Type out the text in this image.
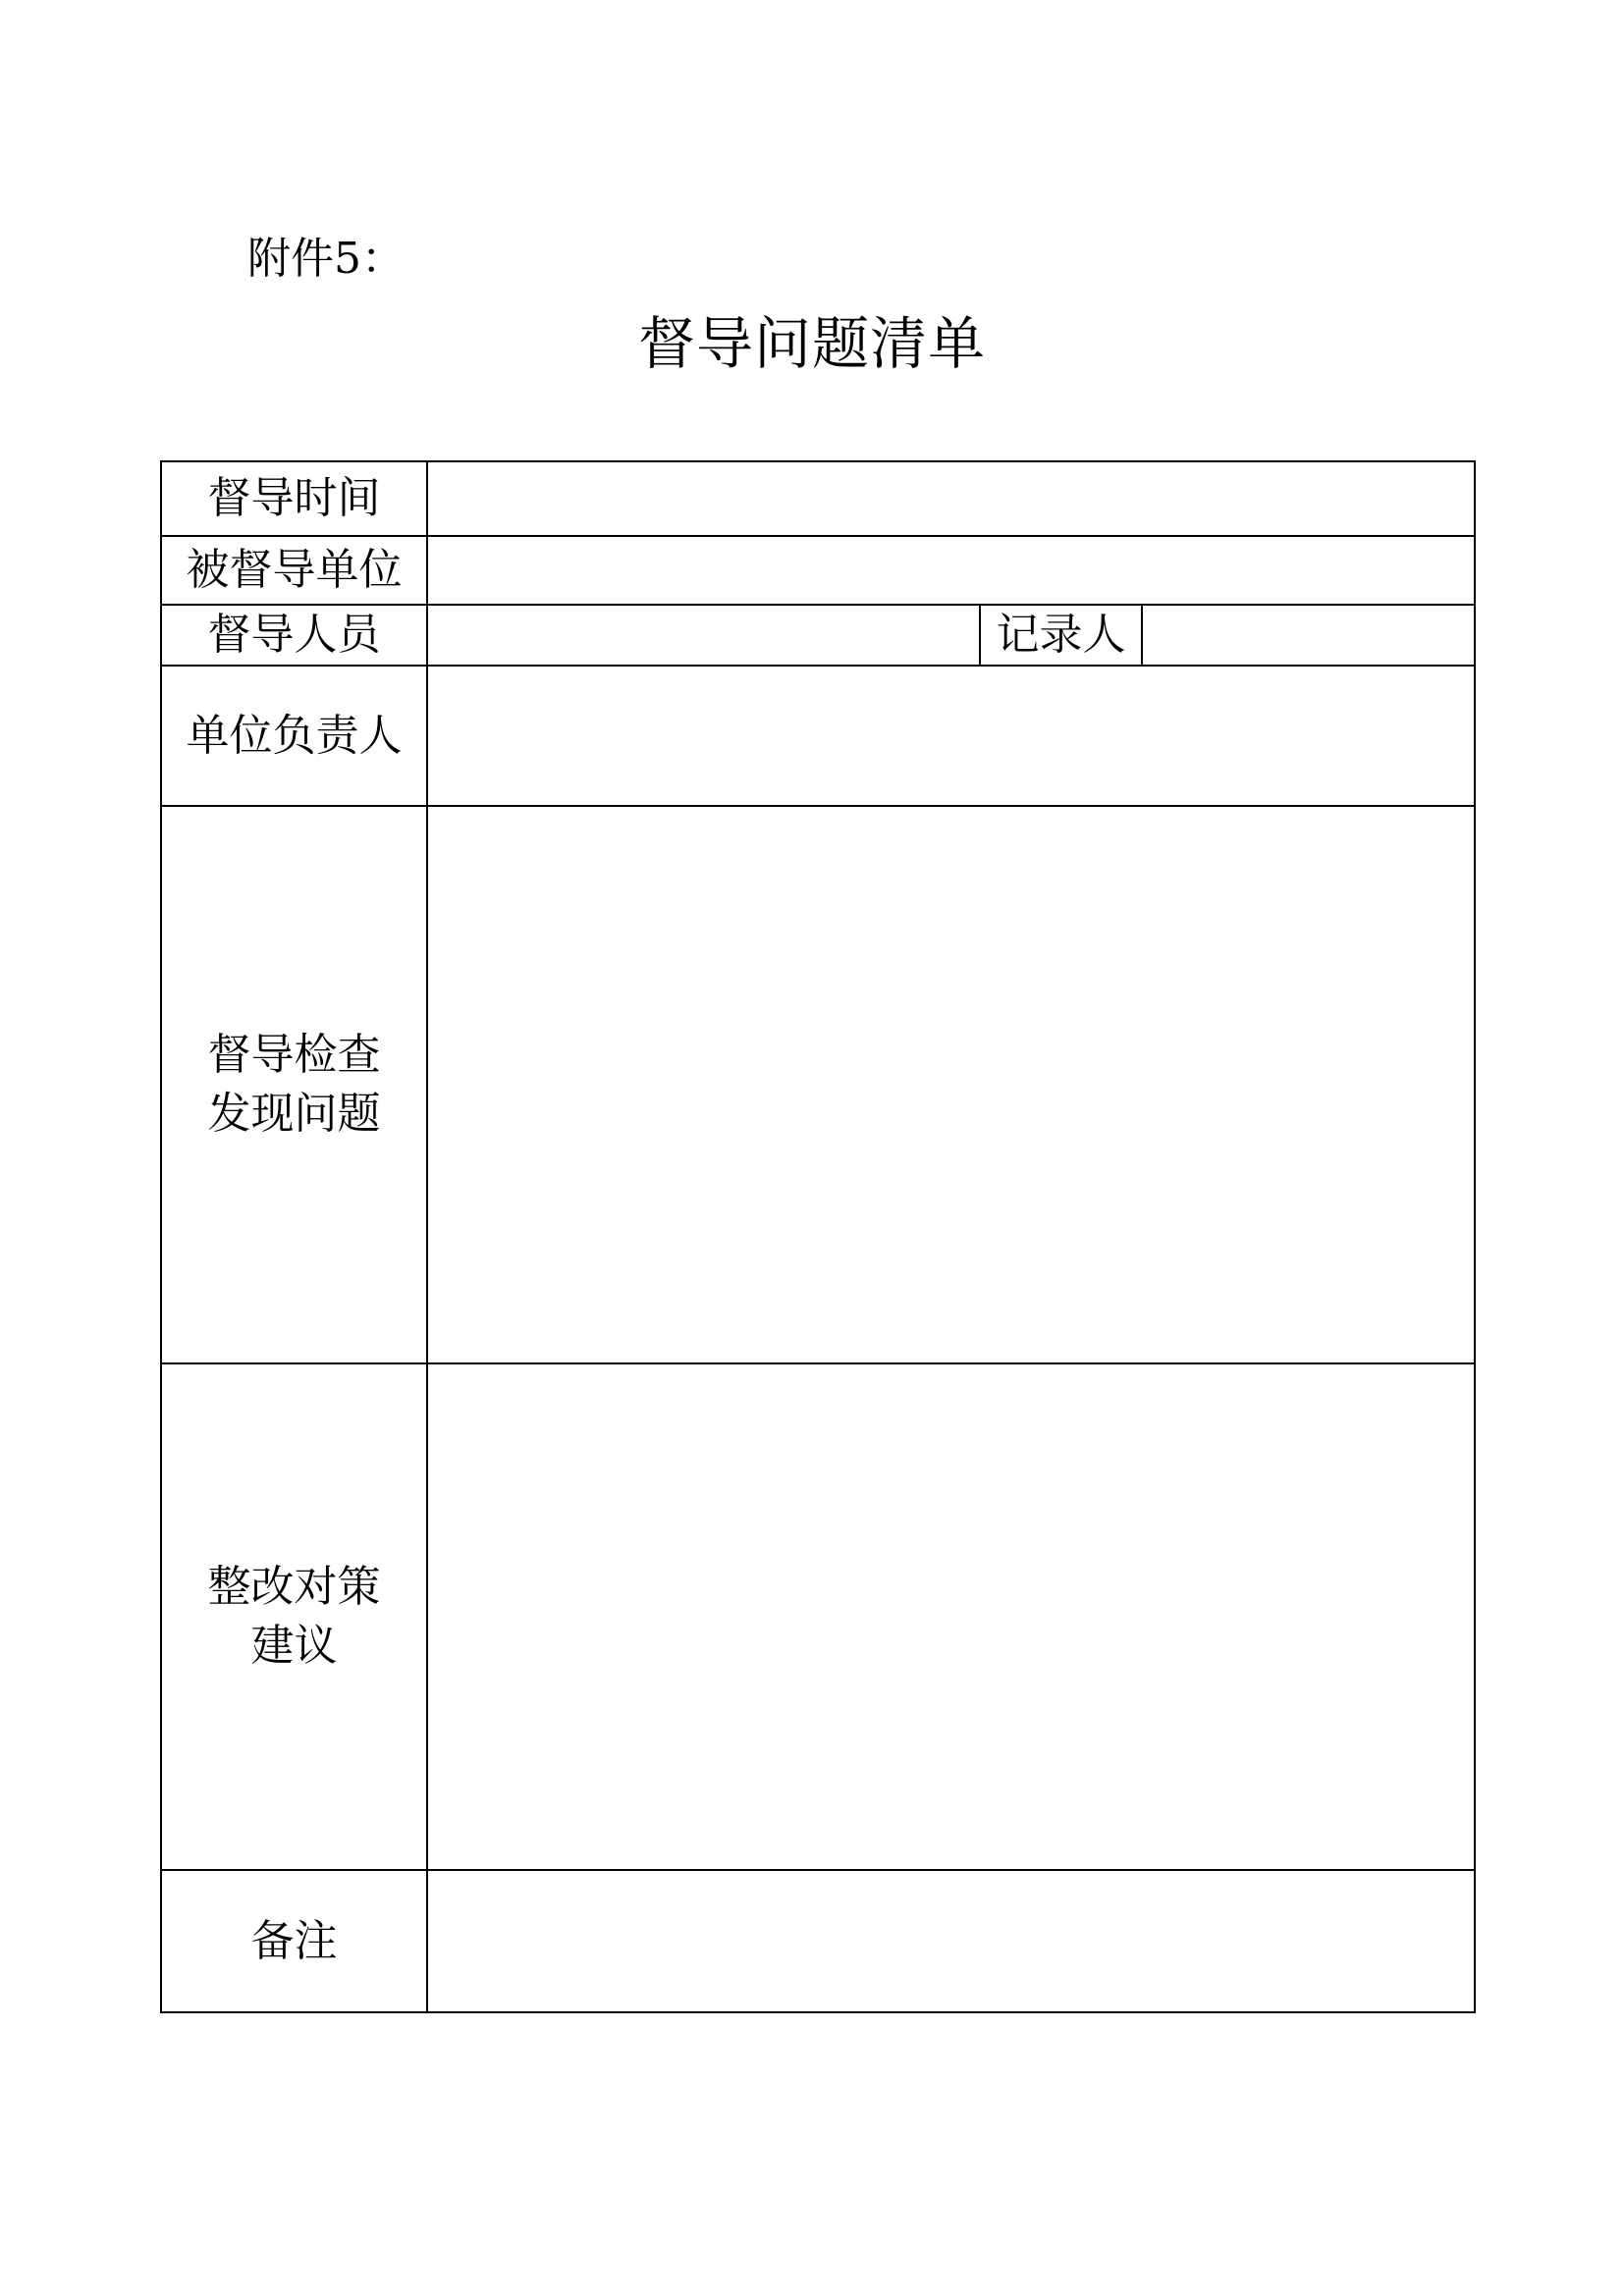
附件5：
督导问题清单
督导时间			
被督导单位			
督导人员		记录人	
单位负责人			

督导检查
发现问题			

整改对策
建议			

备注			
